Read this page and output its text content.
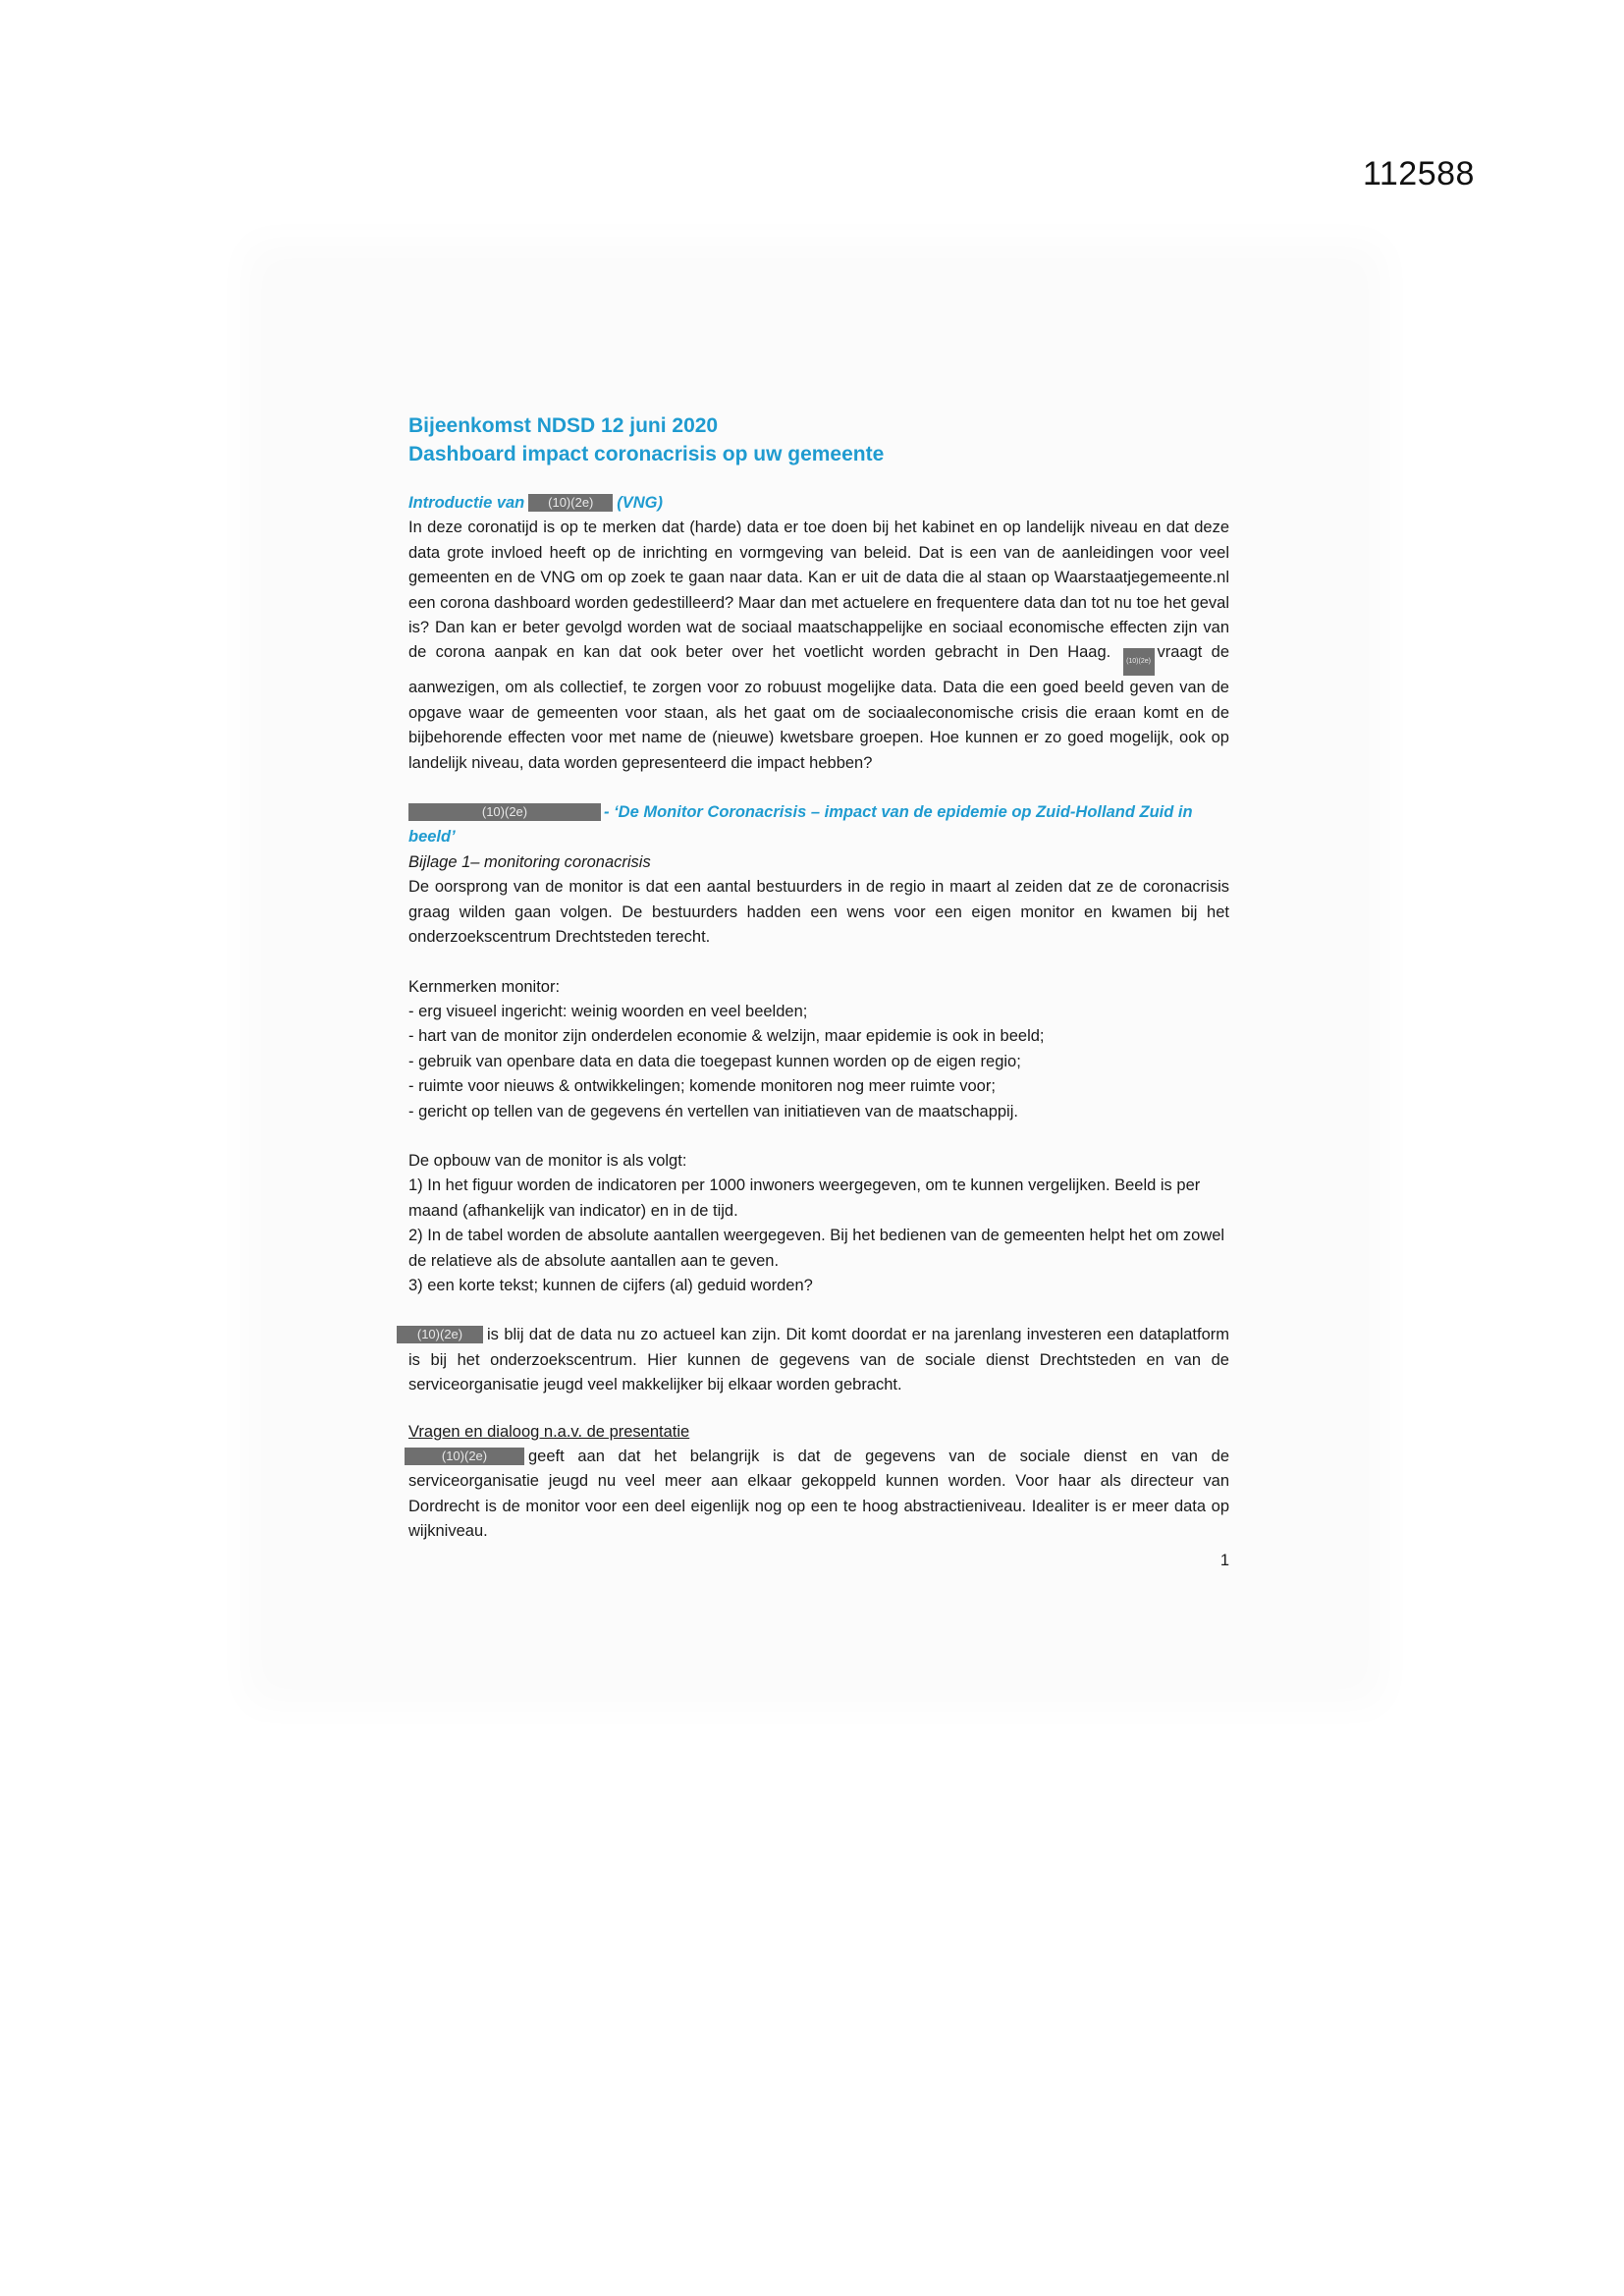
112588
Bijeenkomst NDSD 12 juni 2020
Dashboard impact coronacrisis op uw gemeente

Introductie van (10)(2e) (VNG)

In deze coronatijd is op te merken dat (harde) data er toe doen bij het kabinet en op landelijk niveau en dat deze data grote invloed heeft op de inrichting en vormgeving van beleid. Dat is een van de aanleidingen voor veel gemeenten en de VNG om op zoek te gaan naar data. Kan er uit de data die al staan op Waarstaatjegemeente.nl een corona dashboard worden gedestilleerd? Maar dan met actuelere en frequentere data dan tot nu toe het geval is? Dan kan er beter gevolgd worden wat de sociaal maatschappelijke en sociaal economische effecten zijn van de corona aanpak en kan dat ook beter over het voetlicht worden gebracht in Den Haag. (10)(2e)vraagt de aanwezigen, om als collectief, te zorgen voor zo robuust mogelijke data. Data die een goed beeld geven van de opgave waar de gemeenten voor staan, als het gaat om de sociaaleconomische crisis die eraan komt en de bijbehorende effecten voor met name de (nieuwe) kwetsbare groepen. Hoe kunnen er zo goed mogelijk, ook op landelijk niveau, data worden gepresenteerd die impact hebben?

(10)(2e)	- ‘De Monitor Coronacrisis – impact van de epidemie op Zuid-Holland Zuid in beeld’

Bijlage 1– monitoring coronacrisis

De oorsprong van de monitor is dat een aantal bestuurders in de regio in maart al zeiden dat ze de coronacrisis graag wilden gaan volgen. De bestuurders hadden een wens voor een eigen monitor en kwamen bij het onderzoekscentrum Drechtsteden terecht.

Kernmerken monitor:

- erg visueel ingericht: weinig woorden en veel beelden;
- hart van de monitor zijn onderdelen economie & welzijn, maar epidemie is ook in beeld;
- gebruik van openbare data en data die toegepast kunnen worden op de eigen regio;
- ruimte voor nieuws & ontwikkelingen; komende monitoren nog meer ruimte voor;
- gericht op tellen van de gegevens én vertellen van initiatieven van de maatschappij.

De opbouw van de monitor is als volgt:

1) In het figuur worden de indicatoren per 1000 inwoners weergegeven, om te kunnen vergelijken. Beeld is per maand (afhankelijk van indicator) en in de tijd.
2) In de tabel worden de absolute aantallen weergegeven. Bij het bedienen van de gemeenten helpt het om zowel de relatieve als de absolute aantallen aan te geven.
3) een korte tekst; kunnen de cijfers (al) geduid worden?

(10)(2e) is blij dat de data nu zo actueel kan zijn. Dit komt doordat er na jarenlang investeren een dataplatform is bij het onderzoekscentrum. Hier kunnen de gegevens van de sociale dienst Drechtsteden en van de serviceorganisatie jeugd veel makkelijker bij elkaar worden gebracht.

Vragen en dialoog n.a.v. de presentatie

(10)(2e)	geeft aan dat het belangrijk is dat de gegevens van de sociale dienst en van de serviceorganisatie jeugd nu veel meer aan elkaar gekoppeld kunnen worden. Voor haar als directeur van Dordrecht is de monitor voor een deel eigenlijk nog op een te hoog abstractieniveau. Idealiter is er meer data op wijkniveau.

1
